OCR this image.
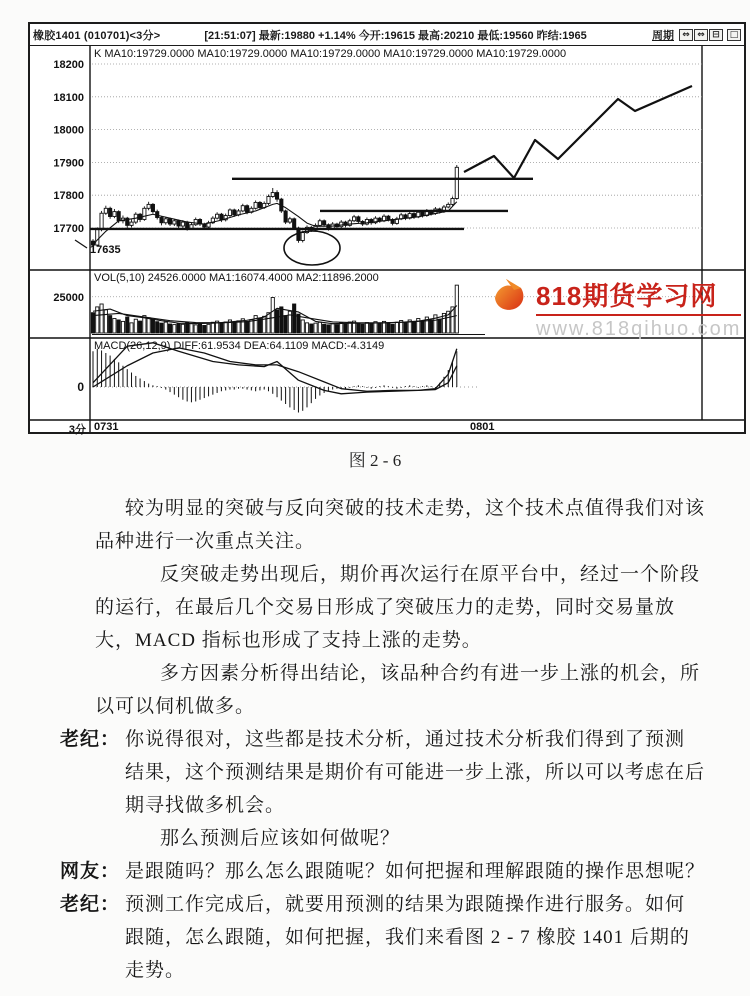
18200
18100
18000
17900
17800
17700
25000
0
17635
橡胶1401 (010701)<3分>	[21:51:07] 最新:19880 +1.14% 今开:19615 最高:20210 最低:19560 昨结:1965	周期 ⇔ ⇔ ⊟ □
K MA10:19729.0000 MA10:19729.0000 MA10:19729.0000 MA10:19729.0000 MA10:19729.0000
VOL(5,10) 24526.0000 MA1:16074.4000 MA2:11896.2000
MACD(26,12,9) DIFF:61.9534 DEA:64.1109 MACD:-4.3149
3分 0731	0801
818期货学习网
www.818qihuo.com
图 2 - 6
较为明显的突破与反向突破的技术走势，这个技术点值得我们对该
品种进行一次重点关注。
反突破走势出现后，期价再次运行在原平台中，经过一个阶段
的运行，在最后几个交易日形成了突破压力的走势，同时交易量放
大，MACD 指标也形成了支持上涨的走势。
多方因素分析得出结论，该品种合约有进一步上涨的机会，所
以可以伺机做多。
老纪： 你说得很对，这些都是技术分析，通过技术分析我们得到了预测
结果，这个预测结果是期价有可能进一步上涨，所以可以考虑在后
期寻找做多机会。
那么预测后应该如何做呢？
网友： 是跟随吗？那么怎么跟随呢？如何把握和理解跟随的操作思想呢？
老纪： 预测工作完成后，就要用预测的结果为跟随操作进行服务。如何
跟随，怎么跟随，如何把握，我们来看图 2 - 7 橡胶 1401 后期的
走势。
